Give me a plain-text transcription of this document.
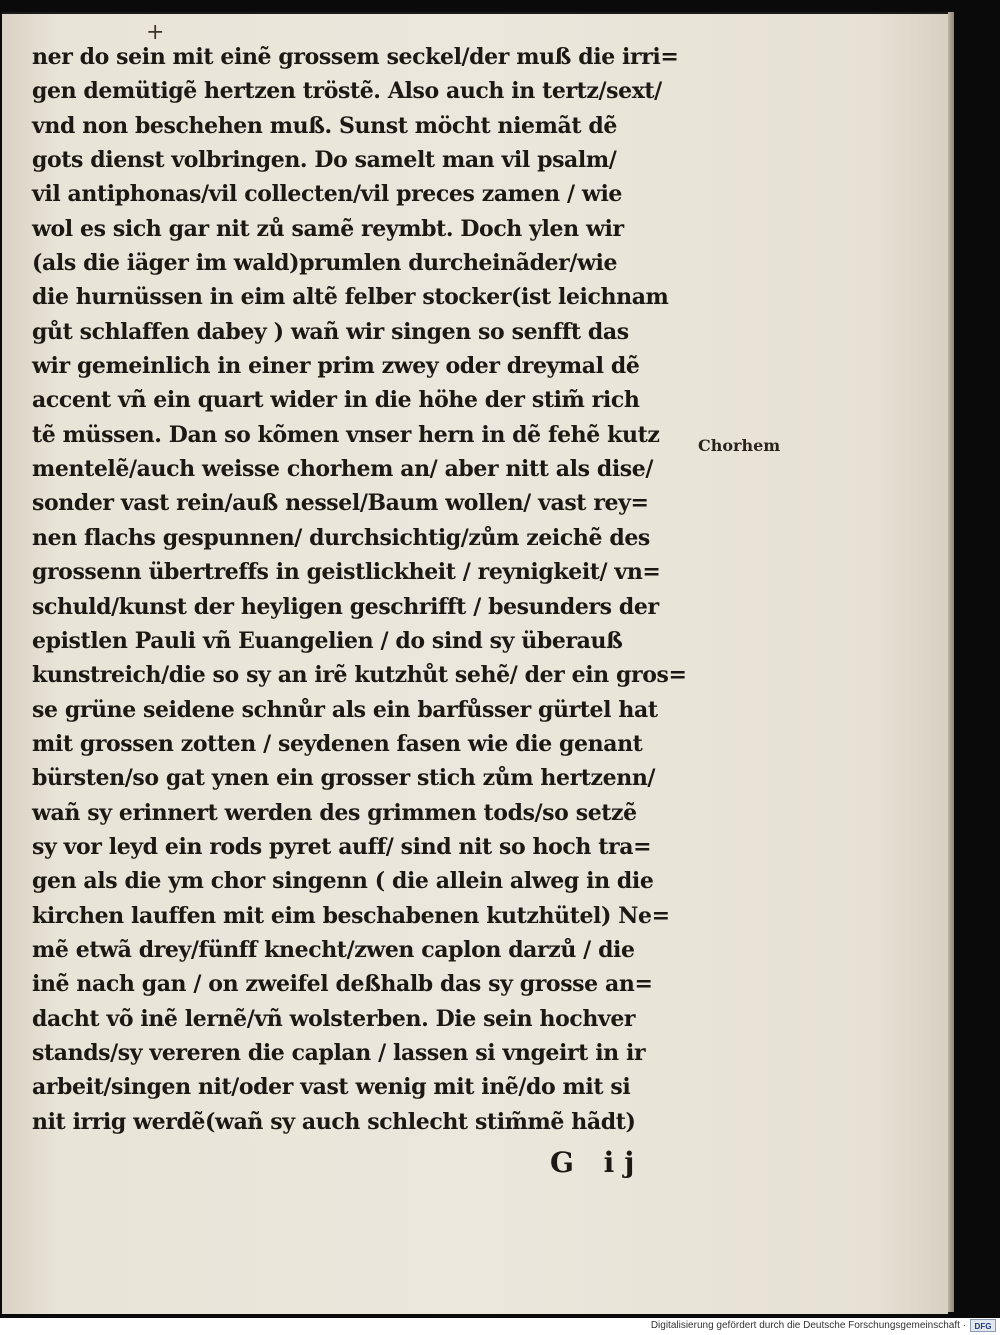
+
ner do sein mit einẽ grossem seckel/der muß die irri=
gen demütigẽ hertzen tröstẽ. Also auch in tertz/sext/
vnd non beschehen muß. Sunst möcht niemãt dẽ
gots dienst volbringen. Do samelt man vil psalm/
vil antiphonas/vil collecten/vil preces zamen / wie
wol es sich gar nit zů samẽ reymbt. Doch ylen wir
(als die iäger im wald)prumlen durcheinãder/wie
die hurnüssen in eim altẽ felber stocker(ist leichnam
gůt schlaffen dabey ) wañ wir singen so senfft das
wir gemeinlich in einer prim zwey oder dreymal dẽ
accent vñ ein quart wider in die höhe der stim̃ rich
tẽ müssen. Dan so kõmen vnser hern in dẽ fehẽ kutz
mentelẽ/auch weisse chorhem an/ aber nitt als dise/
sonder vast rein/auß nessel/Baum wollen/ vast rey=
nen flachs gespunnen/ durchsichtig/zům zeichẽ des
grossenn übertreffs in geistlickheit / reynigkeit/ vn=
schuld/kunst der heyligen geschrifft / besunders der
epistlen Pauli vñ Euangelien / do sind sy überauß
kunstreich/die so sy an irẽ kutzhůt sehẽ/ der ein gros=
se grüne seidene schnůr als ein barfůsser gürtel hat
mit grossen zotten / seydenen fasen wie die genant
bürsten/so gat ynen ein grosser stich zům hertzenn/
wañ sy erinnert werden des grimmen tods/so setzẽ
sy vor leyd ein rods pyret auff/ sind nit so hoch tra=
gen als die ym chor singenn ( die allein alweg in die
kirchen lauffen mit eim beschabenen kutzhütel) Ne=
mẽ etwã drey/fünff knecht/zwen caplon darzů / die
inẽ nach gan / on zweifel deßhalb das sy grosse an=
dacht võ inẽ lernẽ/vñ wolsterben. Die sein hochver
stands/sy vereren die caplan / lassen si vngeirt in ir
arbeit/singen nit/oder vast wenig mit inẽ/do mit si
nit irrig werdẽ(wañ sy auch schlecht stim̃mẽ hãdt)
Chorhem
G ij
Digitalisierung gefördert durch die Deutsche Forschungsgemeinschaft ·	DFG
